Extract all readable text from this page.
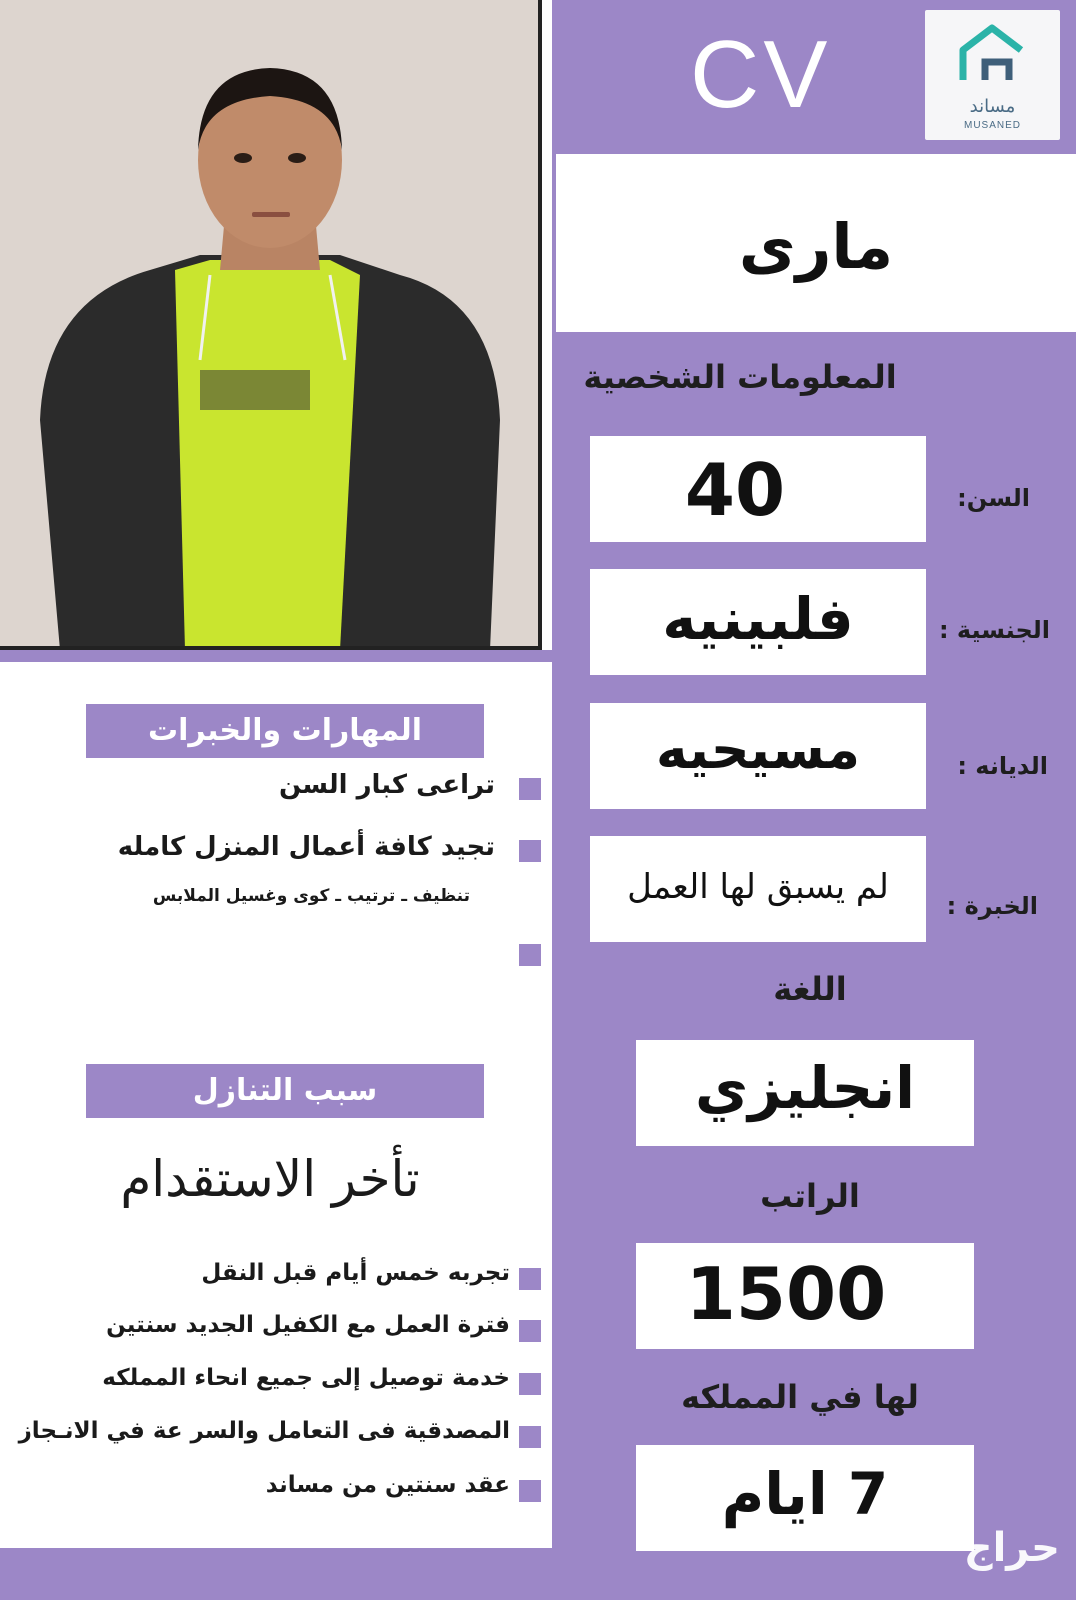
CV	مساند
MUSANED
مارى
المعلومات الشخصية
40	السن:
فلبينيه	الجنسية :
مسيحيه	الديانه :
لم يسبق لها العمل	الخبرة :
اللغة
انجليزي
الراتب
1500
لها في المملكه
7 ايام
المهارات والخبرات
تراعى كبار السن
تجيد كافة أعمال المنزل كامله
تنظيف ـ ترتيب ـ كوى وغسيل الملابس
سبب التنازل
تأخر الاستقدام
تجربه خمس أيام قبل النقل
فترة العمل مع الكفيل الجديد سنتين
خدمة توصيل إلى جميع انحاء المملكه
المصدقية فى التعامل والسر عة في الانـجاز
عقد سنتين من مساند
حراج
